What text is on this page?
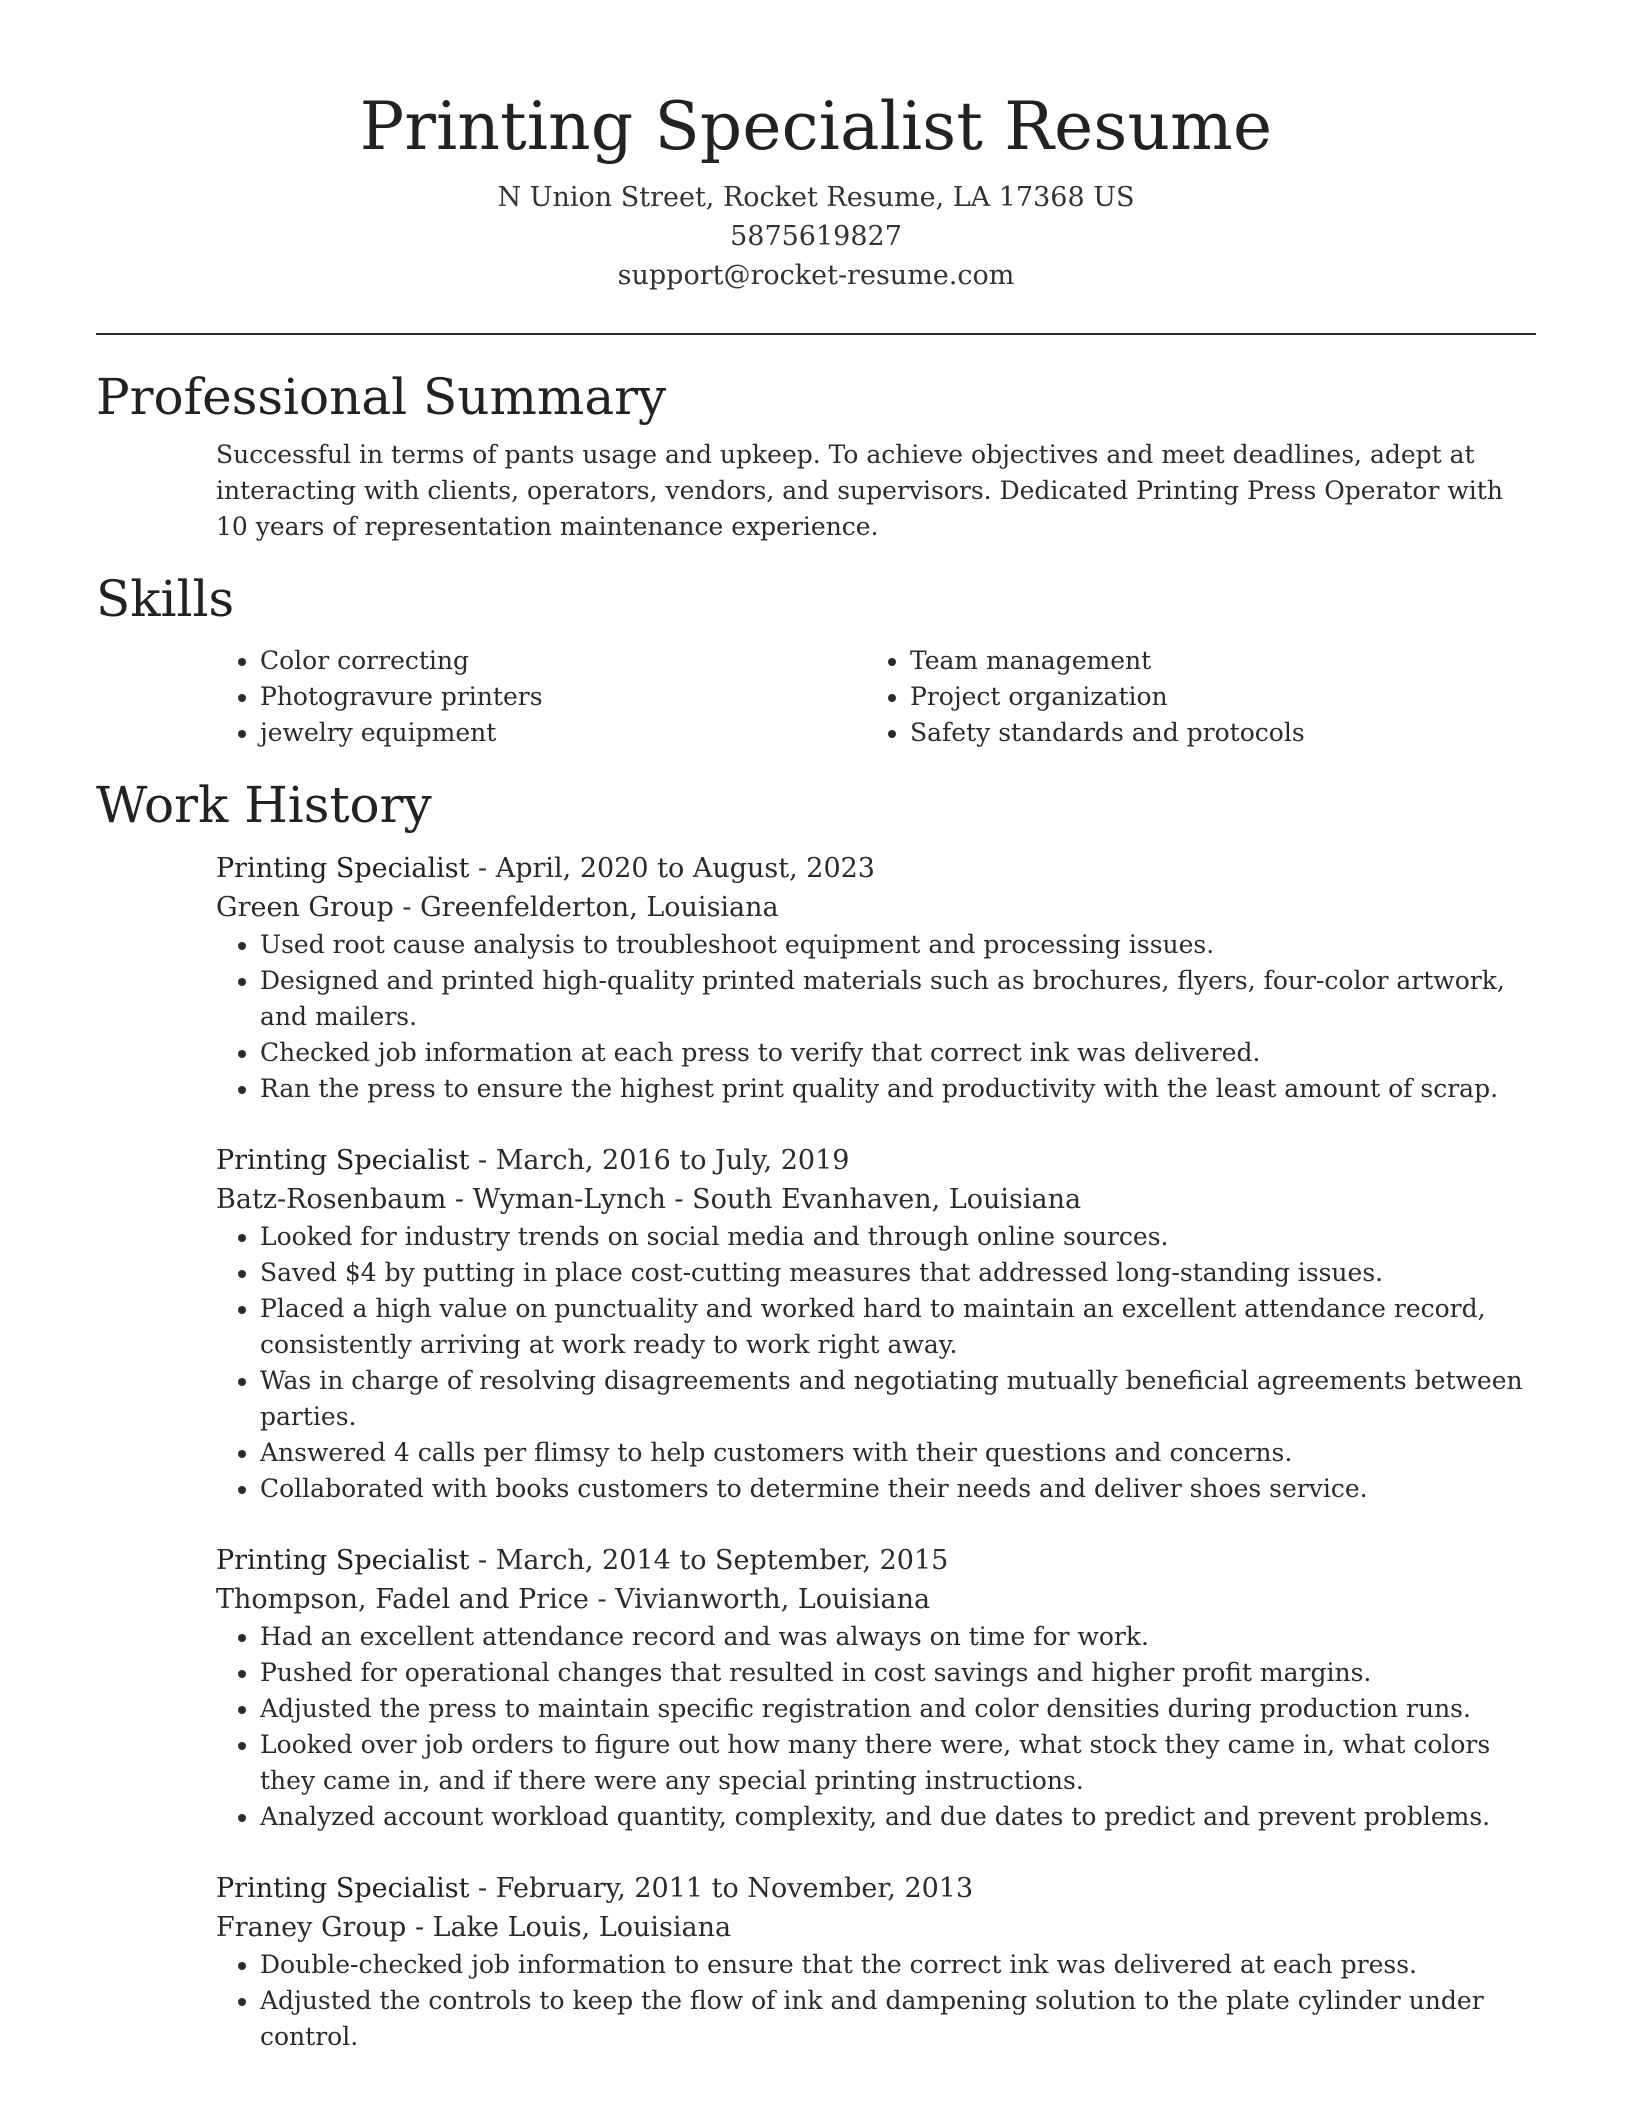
Printing Specialist Resume
N Union Street, Rocket Resume, LA 17368 US
5875619827
support@rocket-resume.com
Professional Summary

Successful in terms of pants usage and upkeep. To achieve objectives and meet deadlines, adept at interacting with clients, operators, vendors, and supervisors. Dedicated Printing Press Operator with 10 years of representation maintenance experience.

Skills
• Color correcting
• Photogravure printers
• jewelry equipment
• Team management
• Project organization
• Safety standards and protocols
Work History
Printing Specialist - April, 2020 to August, 2023
Green Group - Greenfelderton, Louisiana
• Used root cause analysis to troubleshoot equipment and processing issues.
• Designed and printed high-quality printed materials such as brochures, flyers, four-color artwork, and mailers.
• Checked job information at each press to verify that correct ink was delivered.
• Ran the press to ensure the highest print quality and productivity with the least amount of scrap.
Printing Specialist - March, 2016 to July, 2019
Batz-Rosenbaum - Wyman-Lynch - South Evanhaven, Louisiana
• Looked for industry trends on social media and through online sources.
• Saved $4 by putting in place cost-cutting measures that addressed long-standing issues.
• Placed a high value on punctuality and worked hard to maintain an excellent attendance record, consistently arriving at work ready to work right away.
• Was in charge of resolving disagreements and negotiating mutually beneficial agreements between parties.
• Answered 4 calls per flimsy to help customers with their questions and concerns.
• Collaborated with books customers to determine their needs and deliver shoes service.
Printing Specialist - March, 2014 to September, 2015
Thompson, Fadel and Price - Vivianworth, Louisiana
• Had an excellent attendance record and was always on time for work.
• Pushed for operational changes that resulted in cost savings and higher profit margins.
• Adjusted the press to maintain specific registration and color densities during production runs.
• Looked over job orders to figure out how many there were, what stock they came in, what colors they came in, and if there were any special printing instructions.
• Analyzed account workload quantity, complexity, and due dates to predict and prevent problems.
Printing Specialist - February, 2011 to November, 2013
Franey Group - Lake Louis, Louisiana
• Double-checked job information to ensure that the correct ink was delivered at each press.
• Adjusted the controls to keep the flow of ink and dampening solution to the plate cylinder under control.
